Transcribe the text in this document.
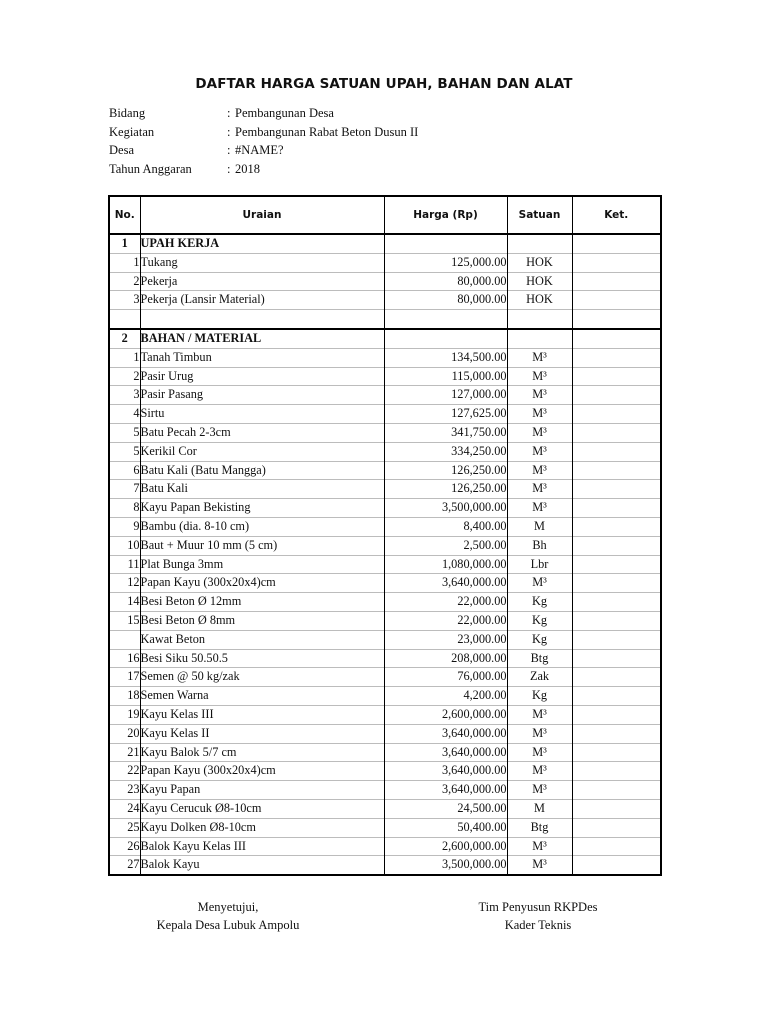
DAFTAR HARGA SATUAN UPAH, BAHAN DAN ALAT
Bidang	: Pembangunan Desa
Kegiatan	: Pembangunan Rabat Beton Dusun II
Desa	: #NAME?
Tahun Anggaran	: 2018
No.	Uraian	Harga (Rp)	Satuan	Ket.
1	UPAH KERJA			
1	Tukang	125,000.00	HOK	
2	Pekerja	80,000.00	HOK	
3	Pekerja (Lansir Material)	80,000.00	HOK	

2	BAHAN / MATERIAL			
1	Tanah Timbun	134,500.00	M³	
2	Pasir Urug	115,000.00	M³	
3	Pasir Pasang	127,000.00	M³	
4	Sirtu	127,625.00	M³	
5	Batu Pecah 2-3cm	341,750.00	M³	
5	Kerikil Cor	334,250.00	M³	
6	Batu Kali (Batu Mangga)	126,250.00	M³	
7	Batu Kali	126,250.00	M³	
8	Kayu Papan Bekisting	3,500,000.00	M³	
9	Bambu (dia. 8-10 cm)	8,400.00	M	
10	Baut + Muur 10 mm (5 cm)	2,500.00	Bh	
11	Plat Bunga 3mm	1,080,000.00	Lbr	
12	Papan Kayu (300x20x4)cm	3,640,000.00	M³	
14	Besi Beton Ø 12mm	22,000.00	Kg	
15	Besi Beton Ø 8mm	22,000.00	Kg	
	Kawat Beton	23,000.00	Kg	
16	Besi Siku 50.50.5	208,000.00	Btg	
17	Semen @ 50 kg/zak	76,000.00	Zak	
18	Semen Warna	4,200.00	Kg	
19	Kayu Kelas III	2,600,000.00	M³	
20	Kayu Kelas II	3,640,000.00	M³	
21	Kayu Balok 5/7 cm	3,640,000.00	M³	
22	Papan Kayu (300x20x4)cm	3,640,000.00	M³	
23	Kayu Papan	3,640,000.00	M³	
24	Kayu Cerucuk Ø8-10cm	24,500.00	M	
25	Kayu Dolken Ø8-10cm	50,400.00	Btg	
26	Balok Kayu Kelas III	2,600,000.00	M³	
27	Balok Kayu	3,500,000.00	M³	
Menyetujui,
Kepala Desa Lubuk Ampolu
Tim Penyusun RKPDes
Kader Teknis
